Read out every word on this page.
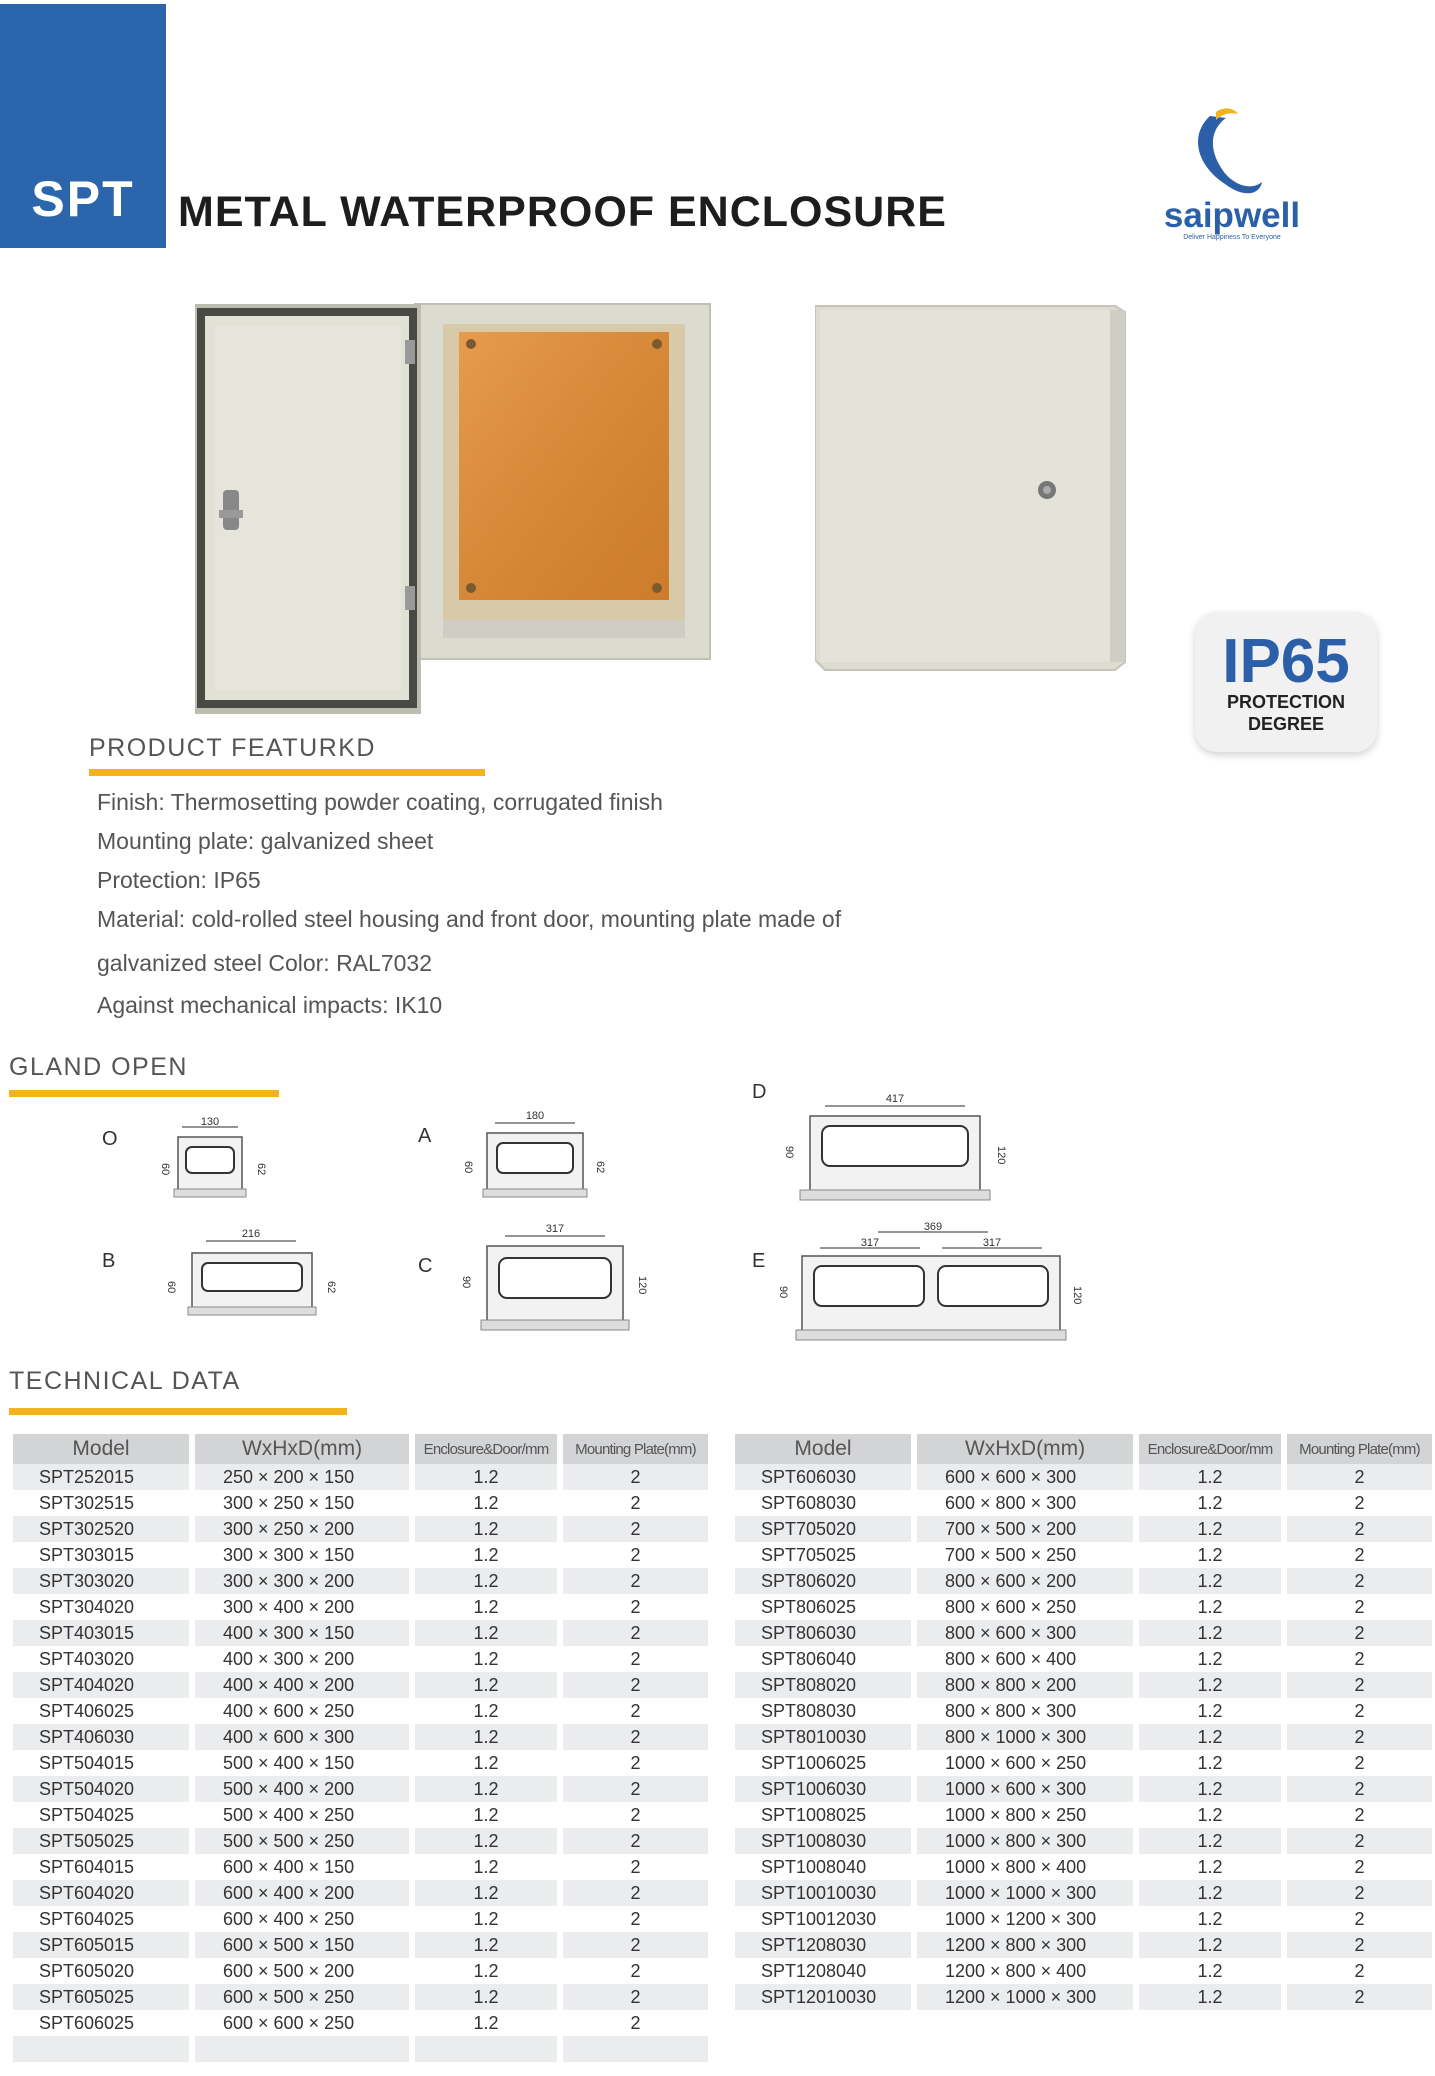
SPT	METAL WATERPROOF ENCLOSURE	saipwell
Deliver Happiness To Everyone
IP65
PROTECTION
DEGREE
PRODUCT FEATURKD
Finish: Thermosetting powder coating, corrugated finish
Mounting plate: galvanized sheet
Protection: IP65
Material: cold-rolled steel housing and front door, mounting plate made of
galvanized steel Color: RAL7032
Against mechanical impacts: IK10
GLAND OPEN
O
130
60	62
A
180
60	62
D	417
90	120
B
216
60	62
C
317
90	120
E
369
317	317
90	120
TECHNICAL DATA
Model	WxHxD(mm)	Enclosure&Door/mm	Mounting Plate(mm)
SPT252015	250 × 200 × 150	1.2	2
SPT302515	300 × 250 × 150	1.2	2
SPT302520	300 × 250 × 200	1.2	2
SPT303015	300 × 300 × 150	1.2	2
SPT303020	300 × 300 × 200	1.2	2
SPT304020	300 × 400 × 200	1.2	2
SPT403015	400 × 300 × 150	1.2	2
SPT403020	400 × 300 × 200	1.2	2
SPT404020	400 × 400 × 200	1.2	2
SPT406025	400 × 600 × 250	1.2	2
SPT406030	400 × 600 × 300	1.2	2
SPT504015	500 × 400 × 150	1.2	2
SPT504020	500 × 400 × 200	1.2	2
SPT504025	500 × 400 × 250	1.2	2
SPT505025	500 × 500 × 250	1.2	2
SPT604015	600 × 400 × 150	1.2	2
SPT604020	600 × 400 × 200	1.2	2
SPT604025	600 × 400 × 250	1.2	2
SPT605015	600 × 500 × 150	1.2	2
SPT605020	600 × 500 × 200	1.2	2
SPT605025	600 × 500 × 250	1.2	2
SPT606025	600 × 600 × 250	1.2	2

Model	WxHxD(mm)	Enclosure&Door/mm	Mounting Plate(mm)
SPT606030	600 × 600 × 300	1.2	2
SPT608030	600 × 800 × 300	1.2	2
SPT705020	700 × 500 × 200	1.2	2
SPT705025	700 × 500 × 250	1.2	2
SPT806020	800 × 600 × 200	1.2	2
SPT806025	800 × 600 × 250	1.2	2
SPT806030	800 × 600 × 300	1.2	2
SPT806040	800 × 600 × 400	1.2	2
SPT808020	800 × 800 × 200	1.2	2
SPT808030	800 × 800 × 300	1.2	2
SPT8010030	800 × 1000 × 300	1.2	2
SPT1006025	1000 × 600 × 250	1.2	2
SPT1006030	1000 × 600 × 300	1.2	2
SPT1008025	1000 × 800 × 250	1.2	2
SPT1008030	1000 × 800 × 300	1.2	2
SPT1008040	1000 × 800 × 400	1.2	2
SPT10010030	1000 × 1000 × 300	1.2	2
SPT10012030	1000 × 1200 × 300	1.2	2
SPT1208030	1200 × 800 × 300	1.2	2
SPT1208040	1200 × 800 × 400	1.2	2
SPT12010030	1200 × 1000 × 300	1.2	2
